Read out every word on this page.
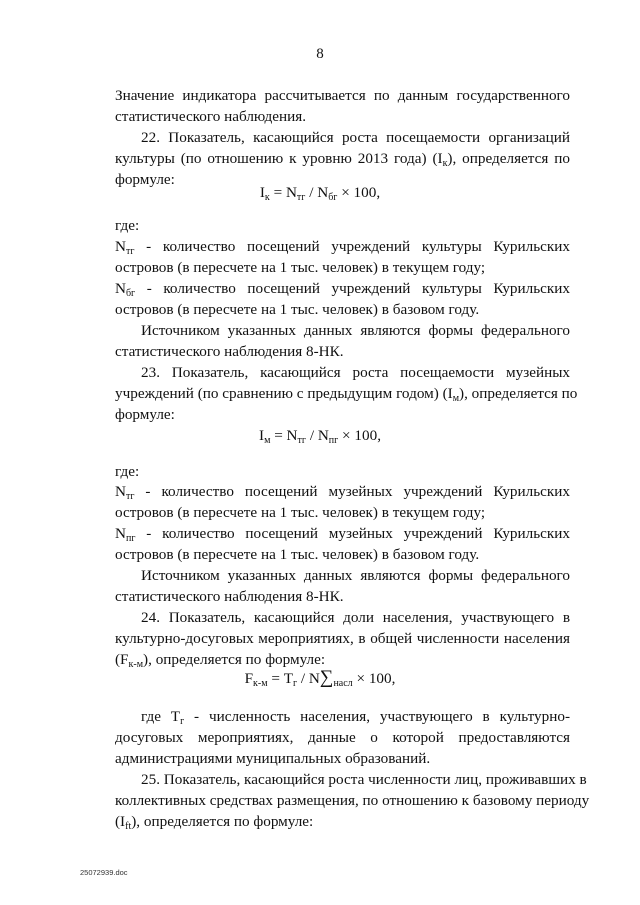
8
Значение индикатора рассчитывается по данным государственного
статистического наблюдения.
22. Показатель, касающийся роста посещаемости организаций
культуры (по отношению к уровню 2013 года) $(I_к)$, определяется по
формуле:
$I_к = N_{тг} / N_{бг} \times 100$,
где:
$N_{тг}$ - количество посещений учреждений культуры Курильских
островов (в пересчете на 1 тыс. человек) в текущем году;
$N_{бг}$ - количество посещений учреждений культуры Курильских
островов (в пересчете на 1 тыс. человек) в базовом году.
Источником указанных данных являются формы федерального
статистического наблюдения 8-НК.
23. Показатель, касающийся роста посещаемости музейных
учреждений (по сравнению с предыдущим годом) $(I_м)$, определяется по
формуле:
$I_м = N_{тг} / N_{пг} \times 100$,
где:
$N_{тг}$ - количество посещений музейных учреждений Курильских
островов (в пересчете на 1 тыс. человек) в текущем году;
$N_{пг}$ - количество посещений музейных учреждений Курильских
островов (в пересчете на 1 тыс. человек) в базовом году.
Источником указанных данных являются формы федерального
статистического наблюдения 8-НК.
24. Показатель, касающийся доли населения, участвующего в
культурно-досуговых мероприятиях, в общей численности населения
$(F_{к-м})$, определяется по формуле:
$F_{к-м} = T_г / N\sum_{насл} \times 100$,
где $T_г$ - численность населения, участвующего в культурно-
досуговых мероприятиях, данные о которой предоставляются
администрациями муниципальных образований.
25. Показатель, касающийся роста численности лиц, проживавших в
коллективных средствах размещения, по отношению к базовому периоду
$(I_{ft})$, определяется по формуле:
25072939.doc
